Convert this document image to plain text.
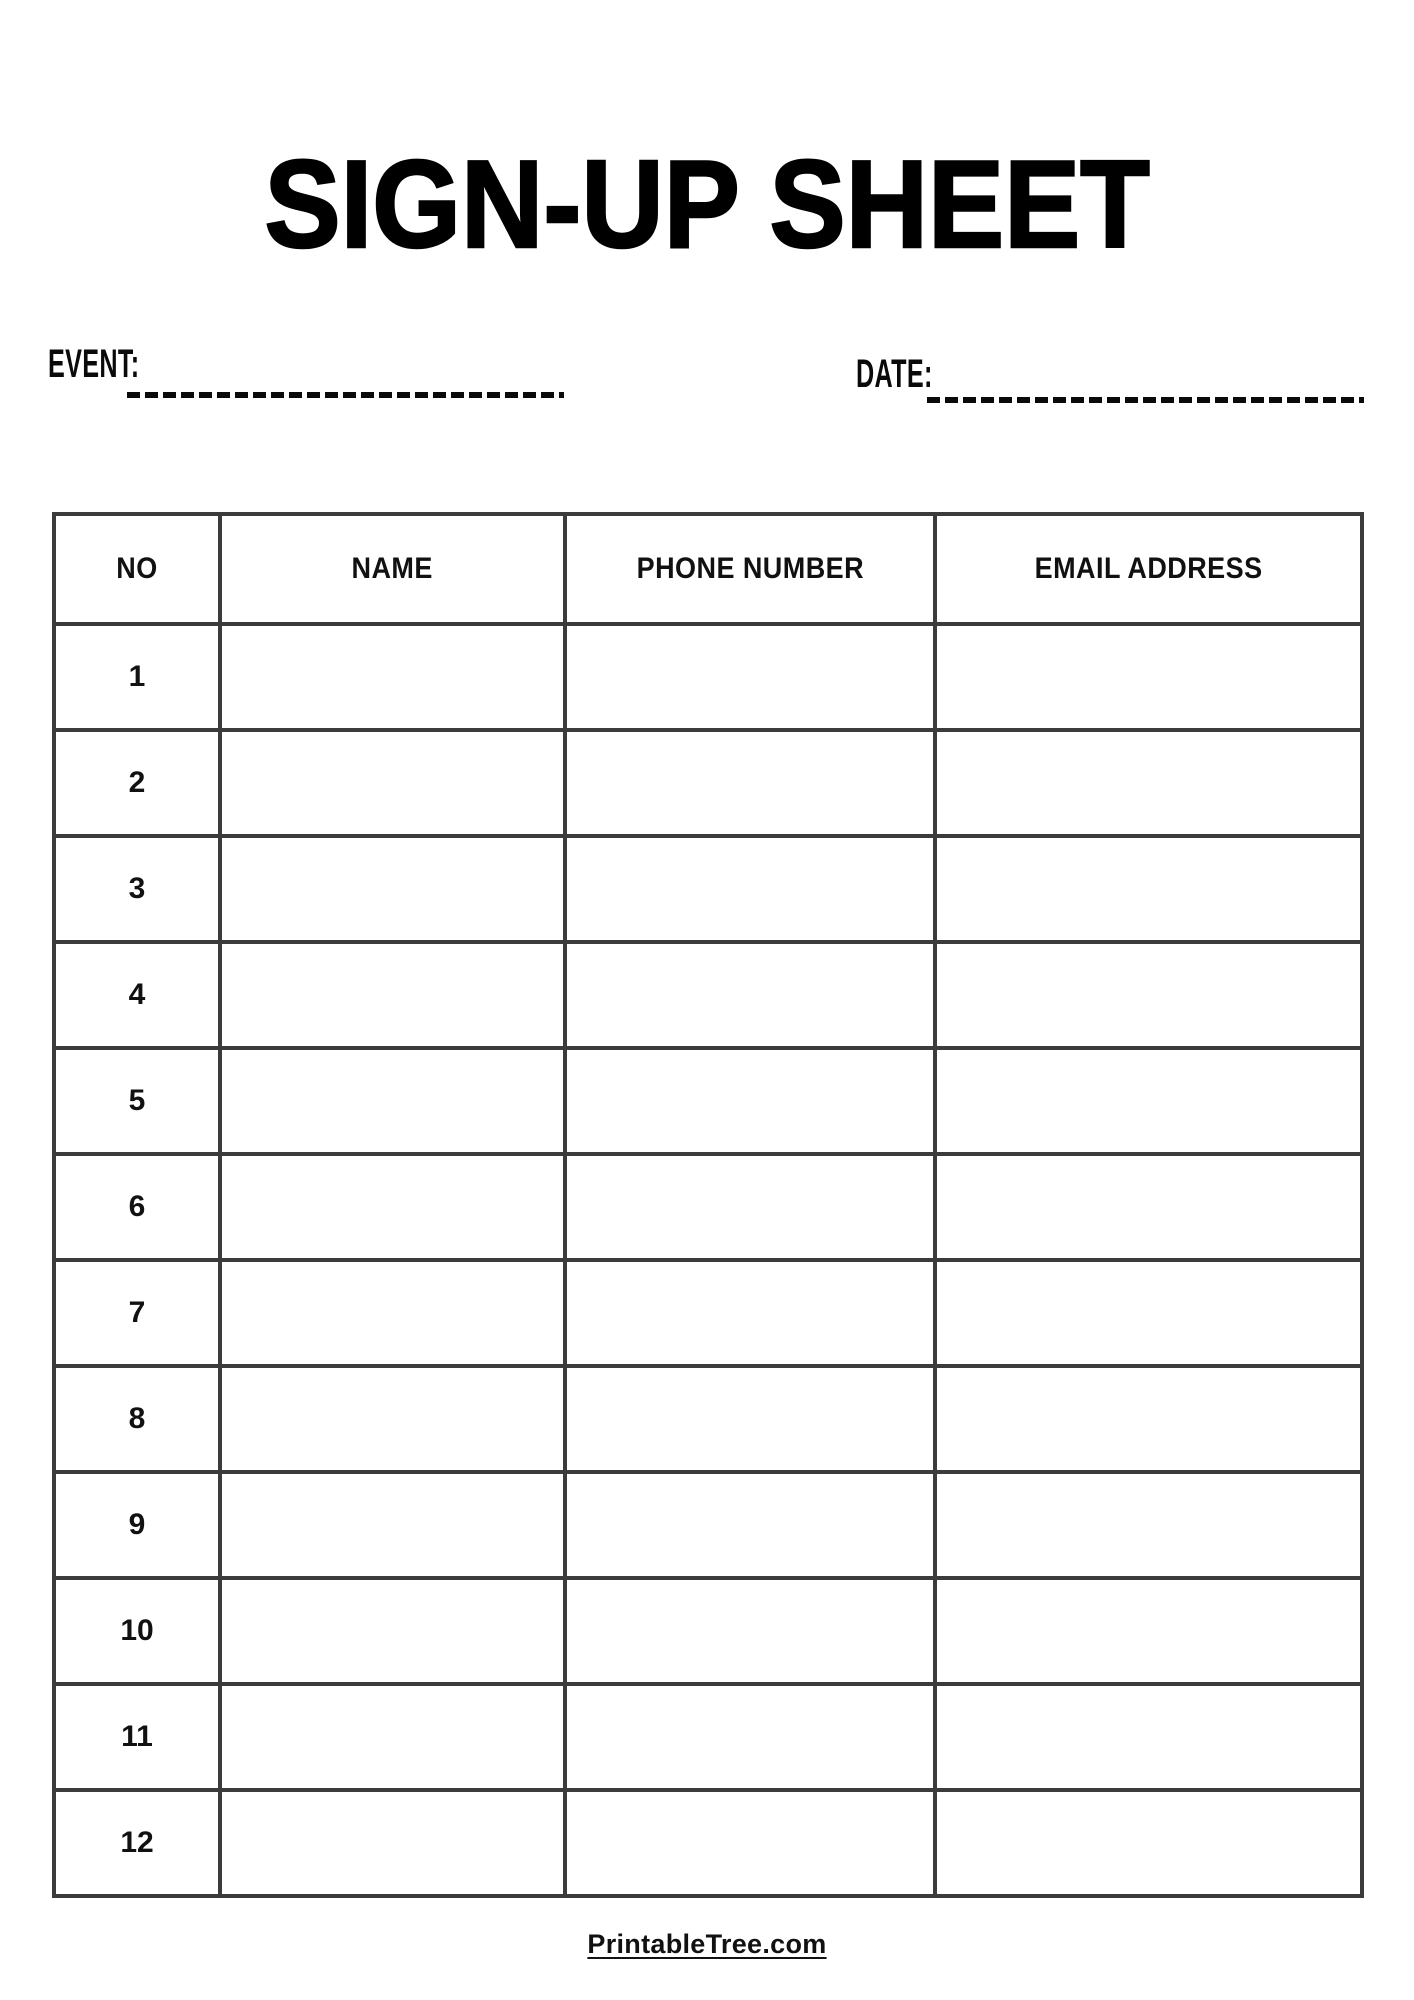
SIGN-UP SHEET
EVENT:	DATE:
NO	NAME	PHONE NUMBER	EMAIL ADDRESS
1			
2			
3			
4			
5			
6			
7			
8			
9			
10			
11			
12			
PrintableTree.com
